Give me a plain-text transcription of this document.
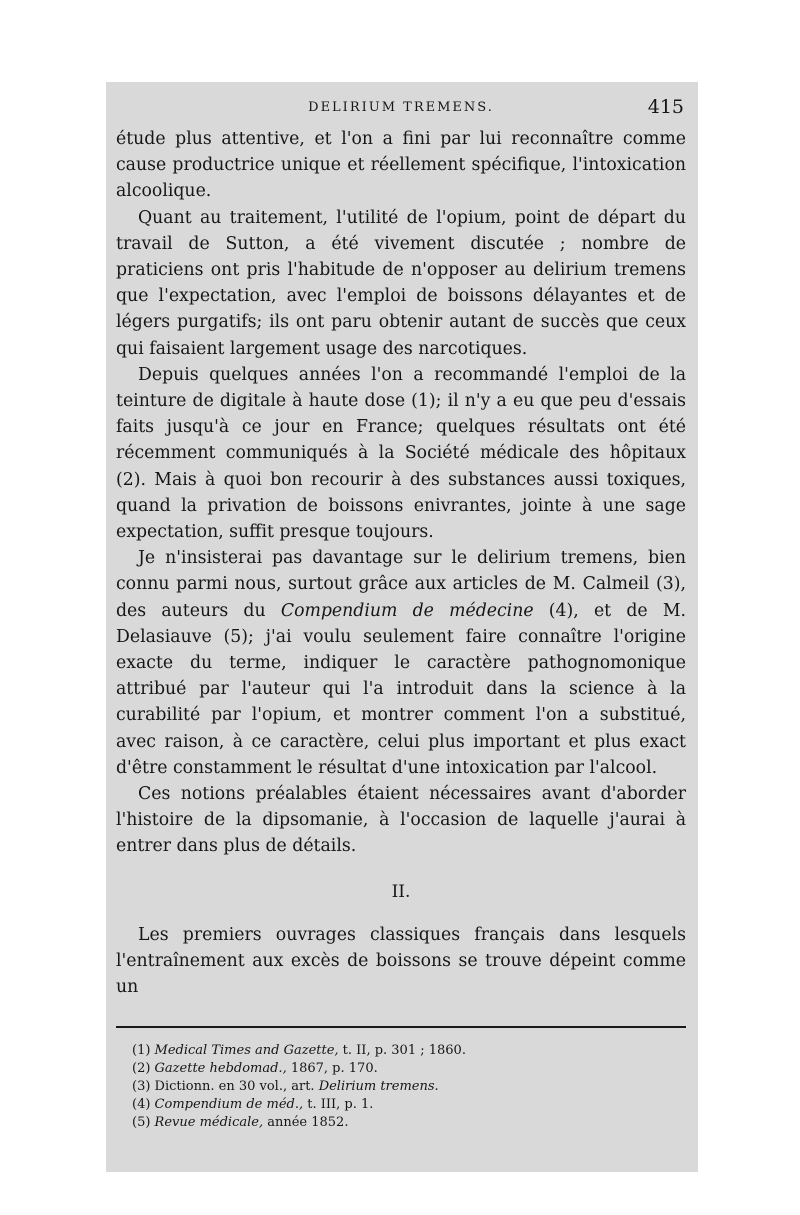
DELIRIUM TREMENS.	415

étude plus attentive, et l'on a fini par lui reconnaître comme cause productrice unique et réellement spécifique, l'intoxication alcoolique.

Quant au traitement, l'utilité de l'opium, point de départ du travail de Sutton, a été vivement discutée ; nombre de praticiens ont pris l'habitude de n'opposer au delirium tremens que l'expectation, avec l'emploi de boissons délayantes et de légers purgatifs; ils ont paru obtenir autant de succès que ceux qui faisaient largement usage des narcotiques.

Depuis quelques années l'on a recommandé l'emploi de la teinture de digitale à haute dose (1); il n'y a eu que peu d'essais faits jusqu'à ce jour en France; quelques résultats ont été récemment communiqués à la Société médicale des hôpitaux (2). Mais à quoi bon recourir à des substances aussi toxiques, quand la privation de boissons enivrantes, jointe à une sage expectation, suffit presque toujours.

Je n'insisterai pas davantage sur le delirium tremens, bien connu parmi nous, surtout grâce aux articles de M. Calmeil (3), des auteurs du Compendium de médecine (4), et de M. Delasiauve (5); j'ai voulu seulement faire connaître l'origine exacte du terme, indiquer le caractère pathognomonique attribué par l'auteur qui l'a introduit dans la science à la curabilité par l'opium, et montrer comment l'on a substitué, avec raison, à ce caractère, celui plus important et plus exact d'être constamment le résultat d'une intoxication par l'alcool.

Ces notions préalables étaient nécessaires avant d'aborder l'histoire de la dipsomanie, à l'occasion de laquelle j'aurai à entrer dans plus de détails.

II.

Les premiers ouvrages classiques français dans lesquels l'entraînement aux excès de boissons se trouve dépeint comme un

(1) Medical Times and Gazette, t. II, p. 301 ; 1860.

(2) Gazette hebdomad., 1867, p. 170.

(3) Dictionn. en 30 vol., art. Delirium tremens.

(4) Compendium de méd., t. III, p. 1.

(5) Revue médicale, année 1852.
